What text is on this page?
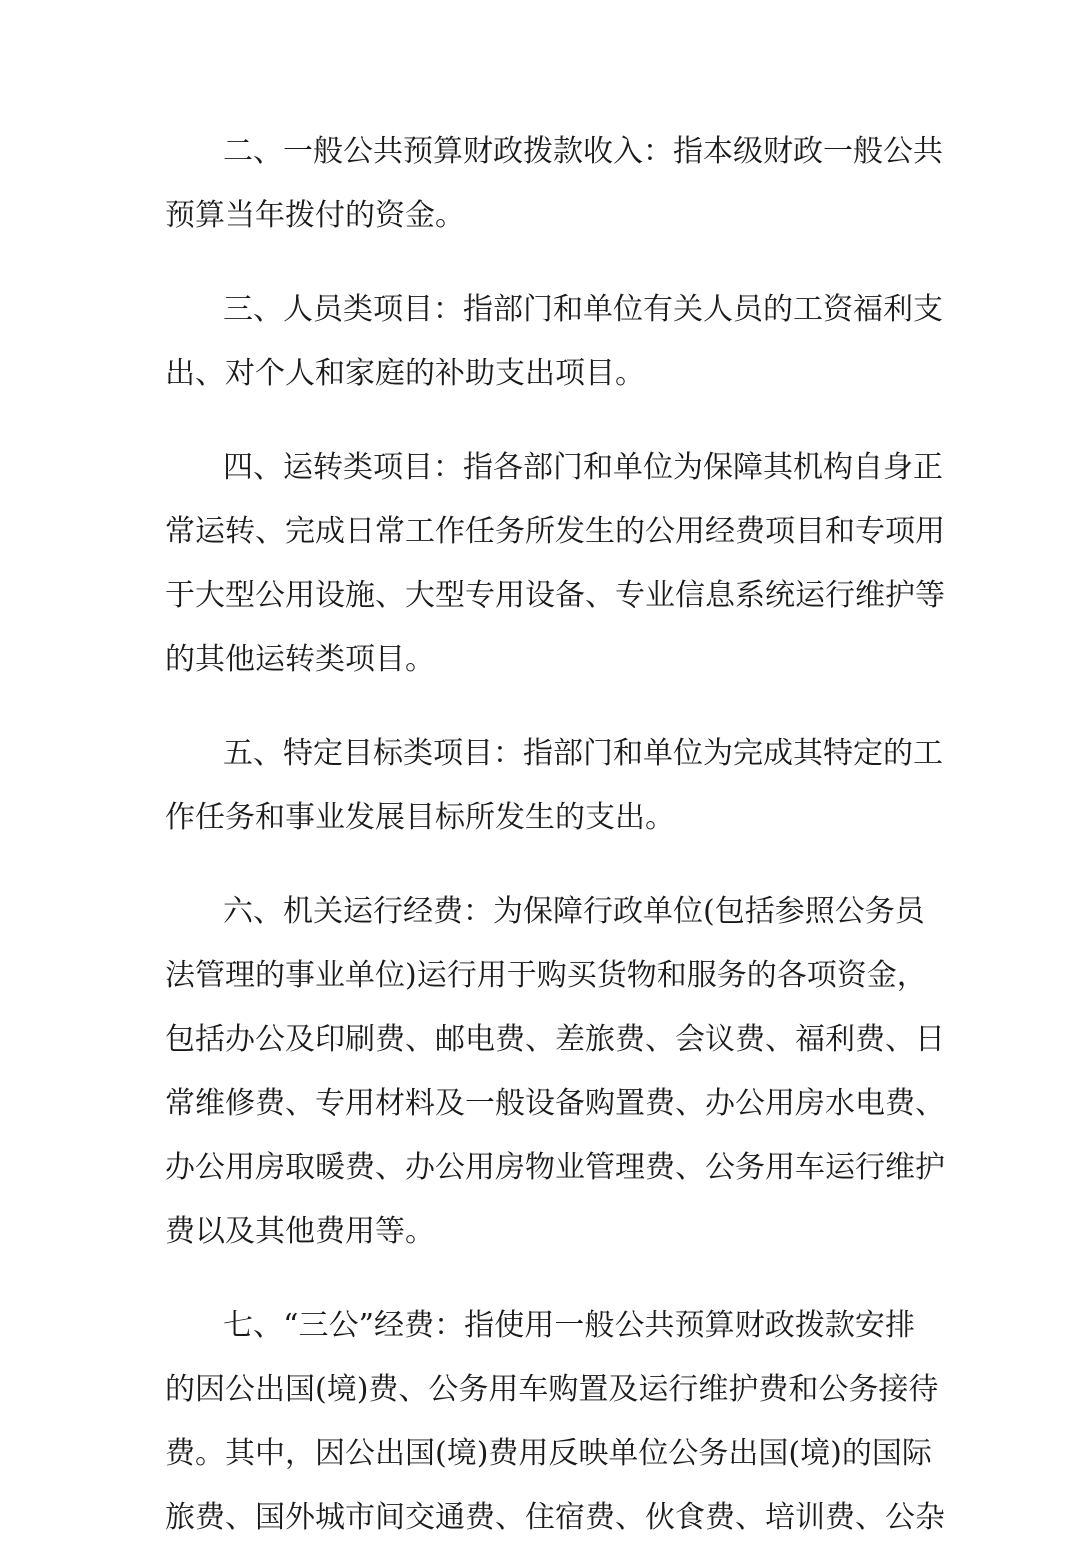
二、一般公共预算财政拨款收入：指本级财政一般公共
预算当年拨付的资金。
三、人员类项目：指部门和单位有关人员的工资福利支
出、对个人和家庭的补助支出项目。
四、运转类项目：指各部门和单位为保障其机构自身正
常运转、完成日常工作任务所发生的公用经费项目和专项用
于大型公用设施、大型专用设备、专业信息系统运行维护等
的其他运转类项目。
五、特定目标类项目：指部门和单位为完成其特定的工
作任务和事业发展目标所发生的支出。
六、机关运行经费：为保障行政单位(包括参照公务员
法管理的事业单位)运行用于购买货物和服务的各项资金，
包括办公及印刷费、邮电费、差旅费、会议费、福利费、日
常维修费、专用材料及一般设备购置费、办公用房水电费、
办公用房取暖费、办公用房物业管理费、公务用车运行维护
费以及其他费用等。
七、“三公”经费：指使用一般公共预算财政拨款安排
的因公出国(境)费、公务用车购置及运行维护费和公务接待
费。其中，因公出国(境)费用反映单位公务出国(境)的国际
旅费、国外城市间交通费、住宿费、伙食费、培训费、公杂
